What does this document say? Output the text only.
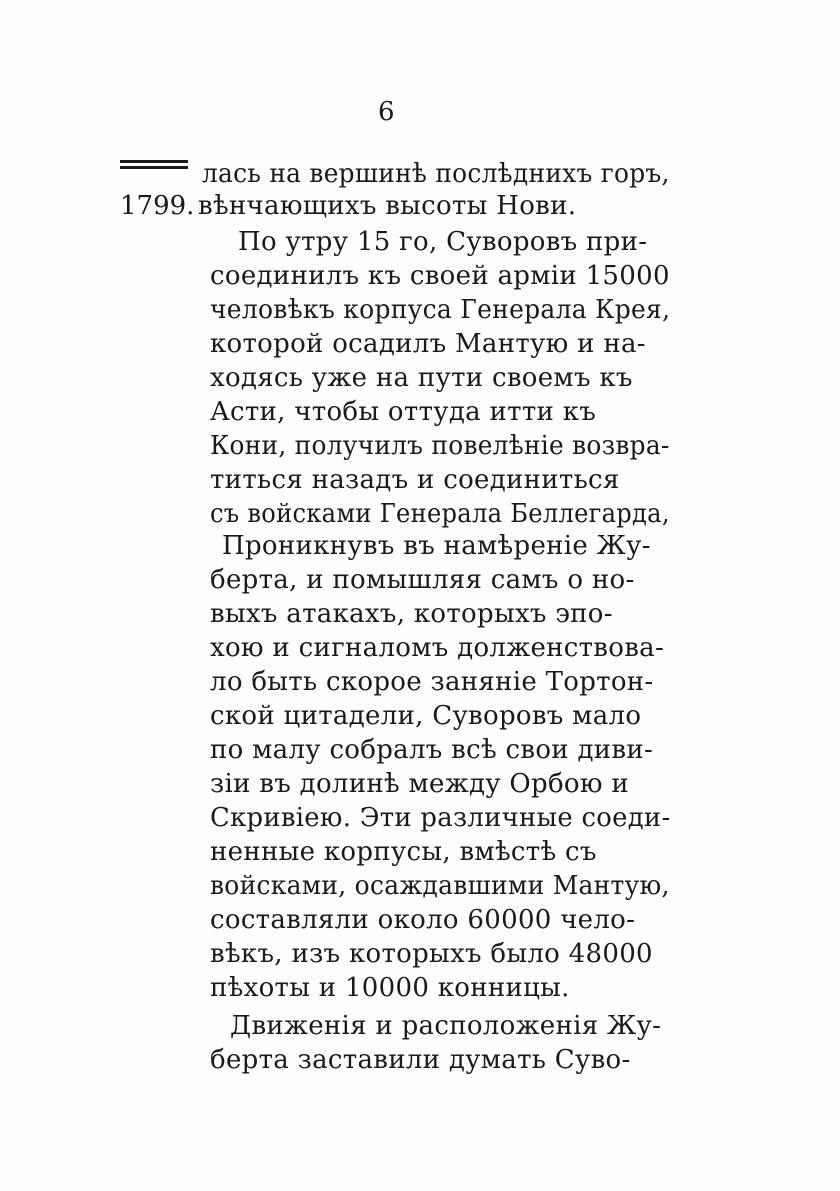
6
1799.
лась на вершинѣ послѣднихъ горъ,
вѣнчающихъ высоты Нови.
По утру 15 го, Суворовъ при-
соединилъ къ своей арміи 15000
человѣкъ корпуса Генерала Крея,
которой осадилъ Мантую и на-
ходясь уже на пути своемъ къ
Асти, чтобы оттуда итти къ
Кони, получилъ повелѣніе возвра-
титься назадъ и соединиться
съ войсками Генерала Беллегарда,
Проникнувъ въ намѣреніе Жу-
берта, и помышляя самъ о но-
выхъ атакахъ, которыхъ эпо-
хою и сигналомъ долженствова-
ло быть скорое заняніе Тортон-
ской цитадели, Суворовъ мало
по малу собралъ всѣ свои диви-
зіи въ долинѣ между Орбою и
Скривіею. Эти различные соеди-
ненные корпусы, вмѣстѣ съ
войсками, осаждавшими Мантую,
составляли около 60000 чело-
вѣкъ, изъ которыхъ было 48000
пѣхоты и 10000 конницы.
Движенія и расположенія Жу-
берта заставили думать Суво-
